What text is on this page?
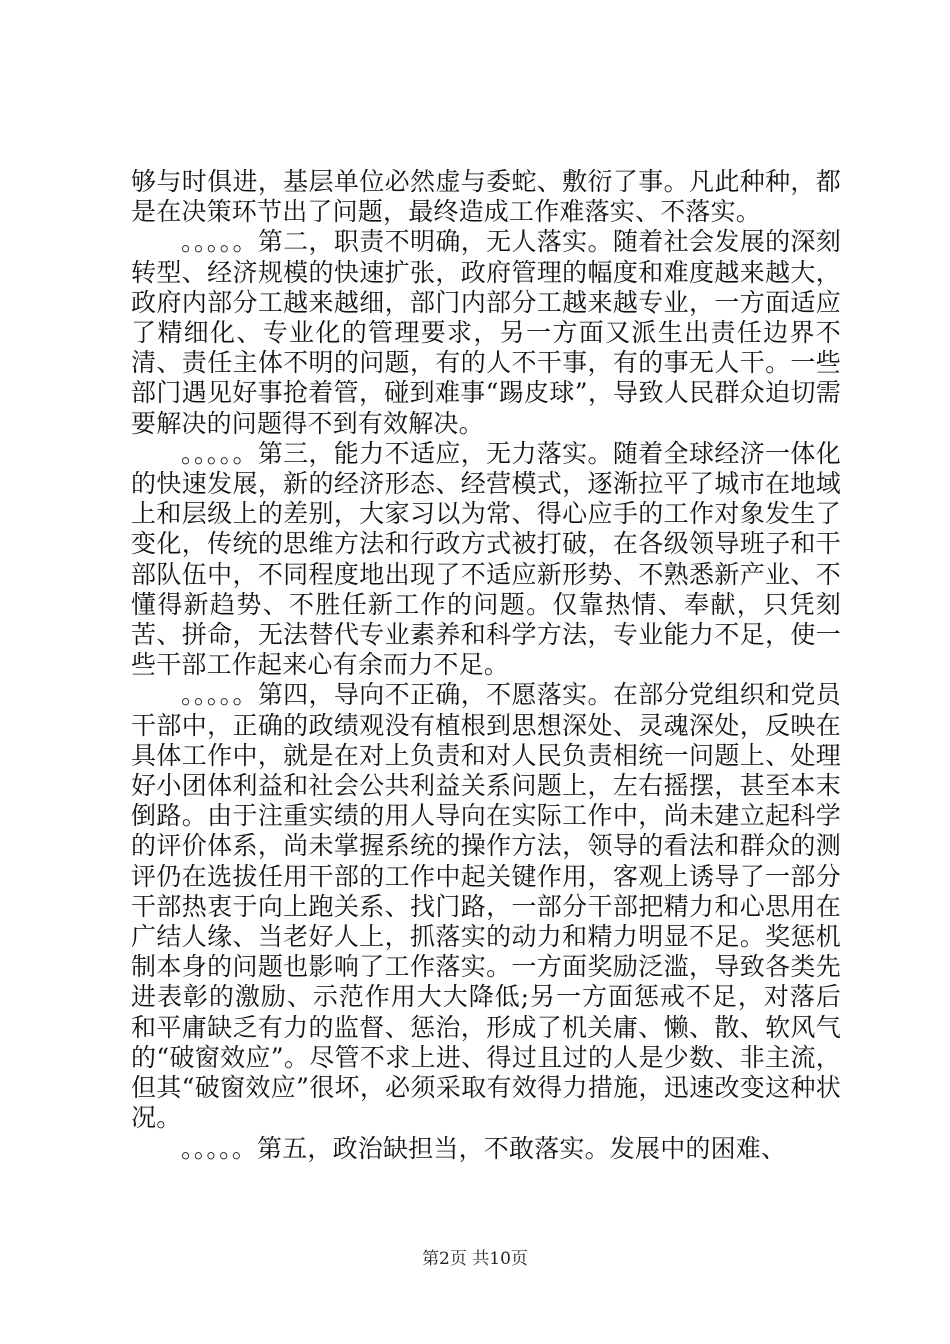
够与时俱进，基层单位必然虚与委蛇、敷衍了事。凡此种种，都是在决策环节出了问题，最终造成工作难落实、不落实。

。。。。。第二，职责不明确，无人落实。随着社会发展的深刻转型、经济规模的快速扩张，政府管理的幅度和难度越来越大，政府内部分工越来越细，部门内部分工越来越专业，一方面适应了精细化、专业化的管理要求，另一方面又派生出责任边界不清、责任主体不明的问题，有的人不干事，有的事无人干。一些部门遇见好事抢着管，碰到难事“踢皮球”，导致人民群众迫切需要解决的问题得不到有效解决。

。。。。。第三，能力不适应，无力落实。随着全球经济一体化的快速发展，新的经济形态、经营模式，逐渐拉平了城市在地域上和层级上的差别，大家习以为常、得心应手的工作对象发生了变化，传统的思维方法和行政方式被打破，在各级领导班子和干部队伍中，不同程度地出现了不适应新形势、不熟悉新产业、不懂得新趋势、不胜任新工作的问题。仅靠热情、奉献，只凭刻苦、拼命，无法替代专业素养和科学方法，专业能力不足，使一些干部工作起来心有余而力不足。

。。。。。第四，导向不正确，不愿落实。在部分党组织和党员干部中，正确的政绩观没有植根到思想深处、灵魂深处，反映在具体工作中，就是在对上负责和对人民负责相统一问题上、处理好小团体利益和社会公共利益关系问题上，左右摇摆，甚至本末倒路。由于注重实绩的用人导向在实际工作中，尚未建立起科学的评价体系，尚未掌握系统的操作方法，领导的看法和群众的测评仍在选拔任用干部的工作中起关键作用，客观上诱导了一部分干部热衷于向上跑关系、找门路，一部分干部把精力和心思用在广结人缘、当老好人上，抓落实的动力和精力明显不足。奖惩机制本身的问题也影响了工作落实。一方面奖励泛滥，导致各类先进表彰的激励、示范作用大大降低;另一方面惩戒不足，对落后和平庸缺乏有力的监督、惩治，形成了机关庸、懒、散、软风气的“破窗效应”。尽管不求上进、得过且过的人是少数、非主流，但其“破窗效应”很坏，必须采取有效得力措施，迅速改变这种状况。

。。。。。第五，政治缺担当，不敢落实。发展中的困难、

第2页 共10页
